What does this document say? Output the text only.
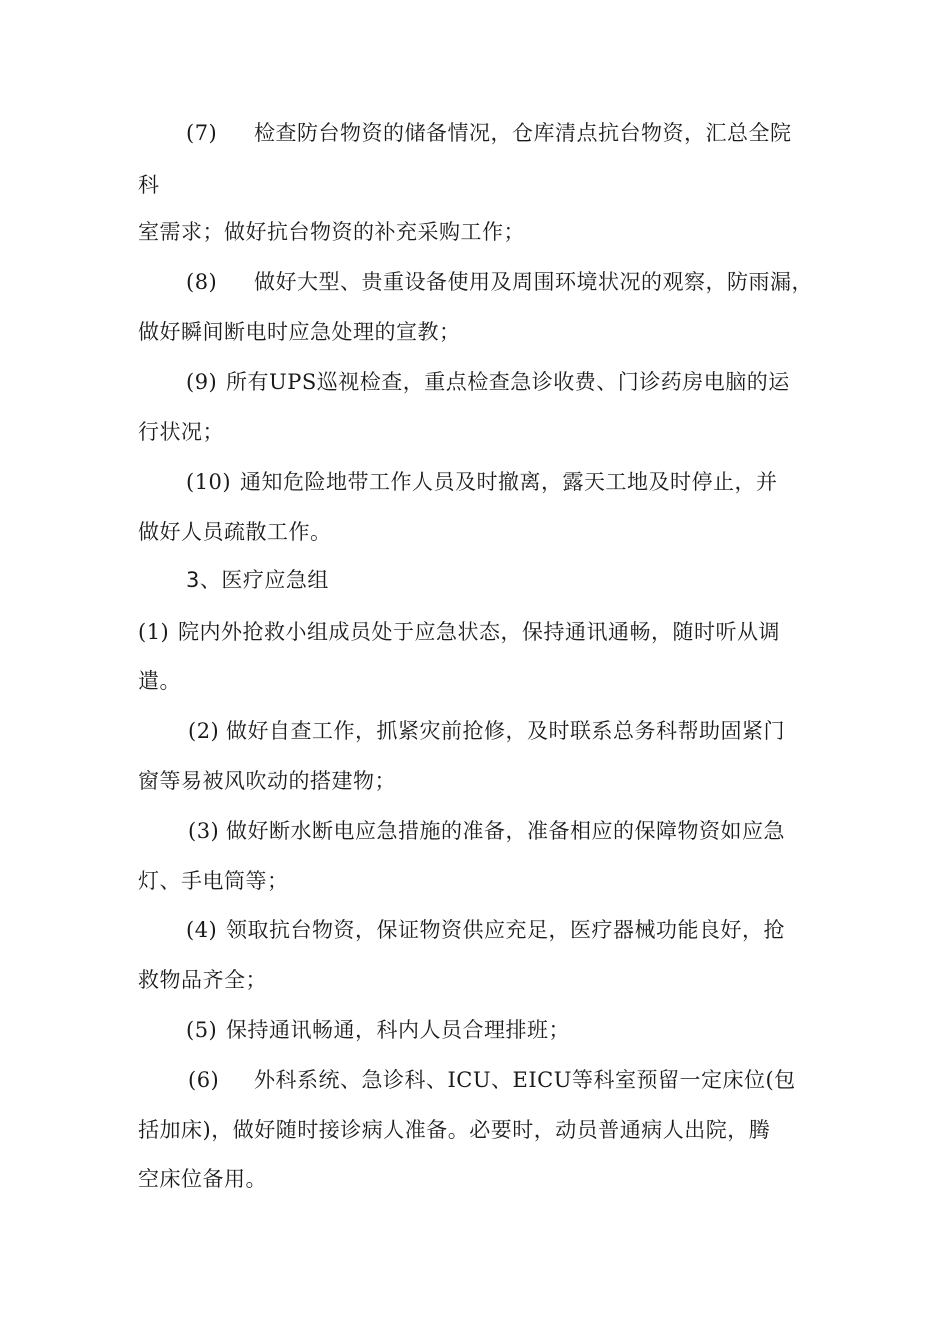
(7) 检查防台物资的储备情况，仓库清点抗台物资，汇总全院
科
室需求；做好抗台物资的补充采购工作；
(8) 做好大型、贵重设备使用及周围环境状况的观察，防雨漏，
做好瞬间断电时应急处理的宣教；
(9) 所有UPS巡视检查，重点检查急诊收费、门诊药房电脑的运
行状况；
(10) 通知危险地带工作人员及时撤离，露天工地及时停止，并
做好人员疏散工作。
3、医疗应急组
(1) 院内外抢救小组成员处于应急状态，保持通讯通畅，随时听从调
遣。
(2) 做好自查工作，抓紧灾前抢修，及时联系总务科帮助固紧门
窗等易被风吹动的搭建物；
(3) 做好断水断电应急措施的准备，准备相应的保障物资如应急
灯、手电筒等；
(4) 领取抗台物资，保证物资供应充足，医疗器械功能良好，抢
救物品齐全；
(5) 保持通讯畅通，科内人员合理排班；
(6) 外科系统、急诊科、ICU、EICU等科室预留一定床位(包
括加床)，做好随时接诊病人准备。必要时，动员普通病人出院，腾
空床位备用。
